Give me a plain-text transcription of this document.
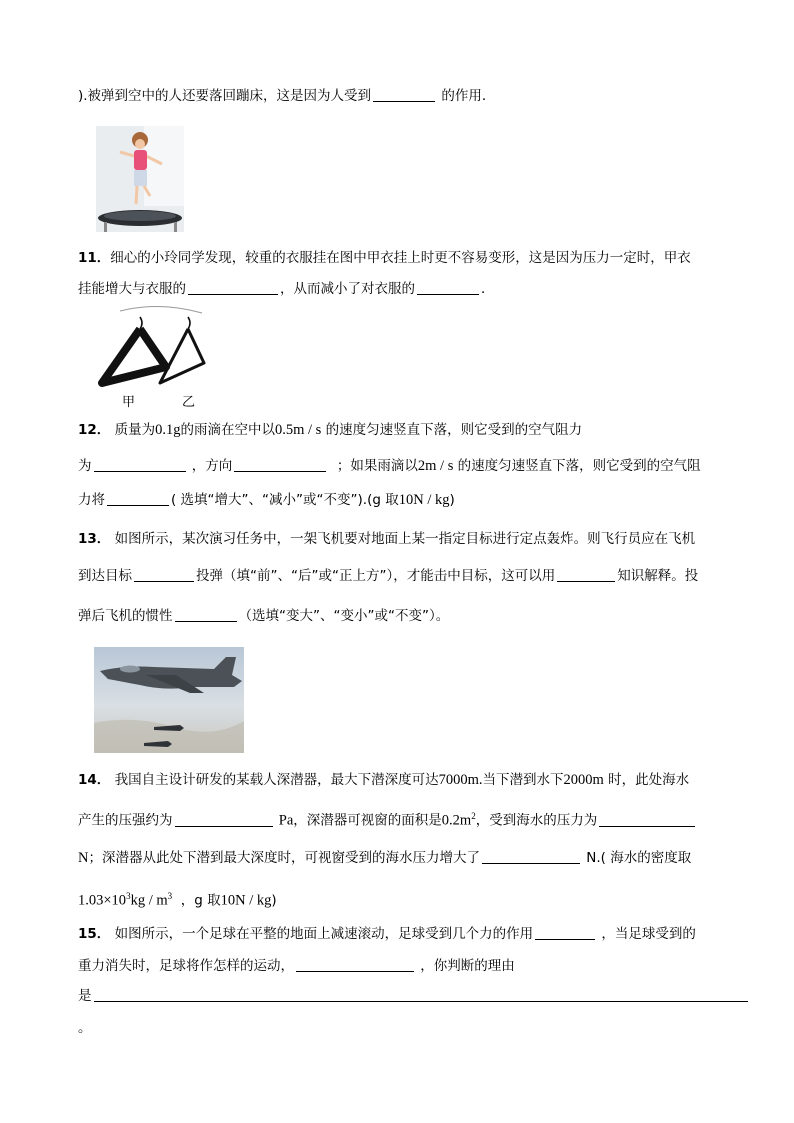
).被弹到空中的人还要落回蹦床，这是因为人受到	的作用．
11．细心的小玲同学发现，较重的衣服挂在图中甲衣挂上时更不容易变形，这是因为压力一定时，甲衣
挂能增大与衣服的	，从而减小了对衣服的	．
甲	乙
12． 质量为0.1g的雨滴在空中以0.5m / s 的速度匀速竖直下落，则它受到的空气阻力
为	，方向	；如果雨滴以2m / s 的速度匀速竖直下落，则它受到的空气阻
力将	( 选填“增大”、“减小”或“不变”).(g 取10N / kg)
13． 如图所示，某次演习任务中，一架飞机要对地面上某一指定目标进行定点轰炸。则飞行员应在飞机
到达目标	投弹（填“前”、“后”或“正上方”），才能击中目标，这可以用	知识解释。投
弹后飞机的惯性	（选填“变大”、“变小”或“不变”）。
14． 我国自主设计研发的某载人深潜器，最大下潜深度可达7000m.当下潜到水下2000m 时，此处海水
产生的压强约为	Pa，深潜器可视窗的面积是$0.2m^2$，受到海水的压力为
N；深潜器从此处下潜到最大深度时，可视窗受到的海水压力增大了	N.( 海水的密度取
$1.03\times 10^3kg / m^3$ ，g 取10N / kg)
15． 如图所示，一个足球在平整的地面上减速滚动，足球受到几个力的作用	，当足球受到的
重力消失时，足球将作怎样的运动，	，你判断的理由
是
。
